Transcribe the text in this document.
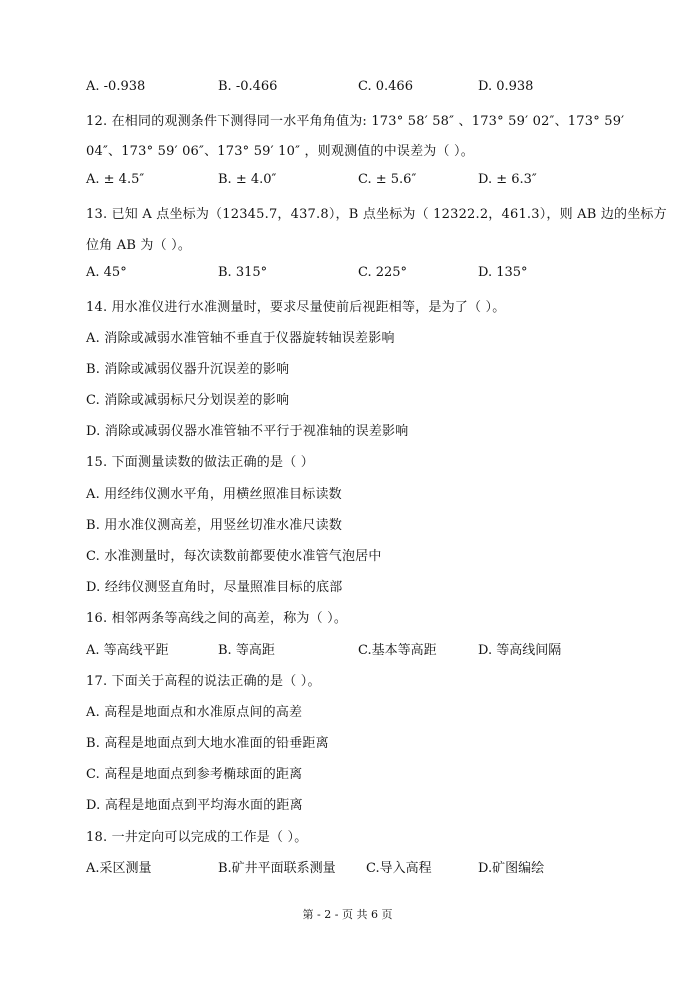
A. -0.938	B. -0.466	C. 0.466	D. 0.938
12. 在相同的观测条件下测得同一水平角角值为: 173° 58′ 58″ 、173° 59′ 02″、173° 59′
04″、173° 59′ 06″、173° 59′ 10″ ，则观测值的中误差为（ ）。
A. ± 4.5″	B. ± 4.0″	C. ± 5.6″	D. ± 6.3″
13. 已知 A 点坐标为（12345.7，437.8），B 点坐标为（ 12322.2，461.3），则 AB 边的坐标方
位角 AB 为（ ）。
A. 45°	B. 315°	C. 225°	D. 135°
14. 用水准仪进行水准测量时，要求尽量使前后视距相等，是为了（ ）。
A. 消除或减弱水准管轴不垂直于仪器旋转轴误差影响
B. 消除或减弱仪器升沉误差的影响
C. 消除或减弱标尺分划误差的影响
D. 消除或减弱仪器水准管轴不平行于视准轴的误差影响
15. 下面测量读数的做法正确的是（ ）
A. 用经纬仪测水平角，用横丝照准目标读数
B. 用水准仪测高差，用竖丝切准水准尺读数
C. 水准测量时，每次读数前都要使水准管气泡居中
D. 经纬仪测竖直角时，尽量照准目标的底部
16. 相邻两条等高线之间的高差，称为（ ）。
A. 等高线平距	B. 等高距	C.基本等高距	D. 等高线间隔
17. 下面关于高程的说法正确的是（ ）。
A. 高程是地面点和水准原点间的高差
B. 高程是地面点到大地水准面的铅垂距离
C. 高程是地面点到参考椭球面的距离
D. 高程是地面点到平均海水面的距离
18. 一井定向可以完成的工作是（ ）。
A.采区测量	B.矿井平面联系测量 C.导入高程	D.矿图编绘
第 - 2 - 页 共 6 页
